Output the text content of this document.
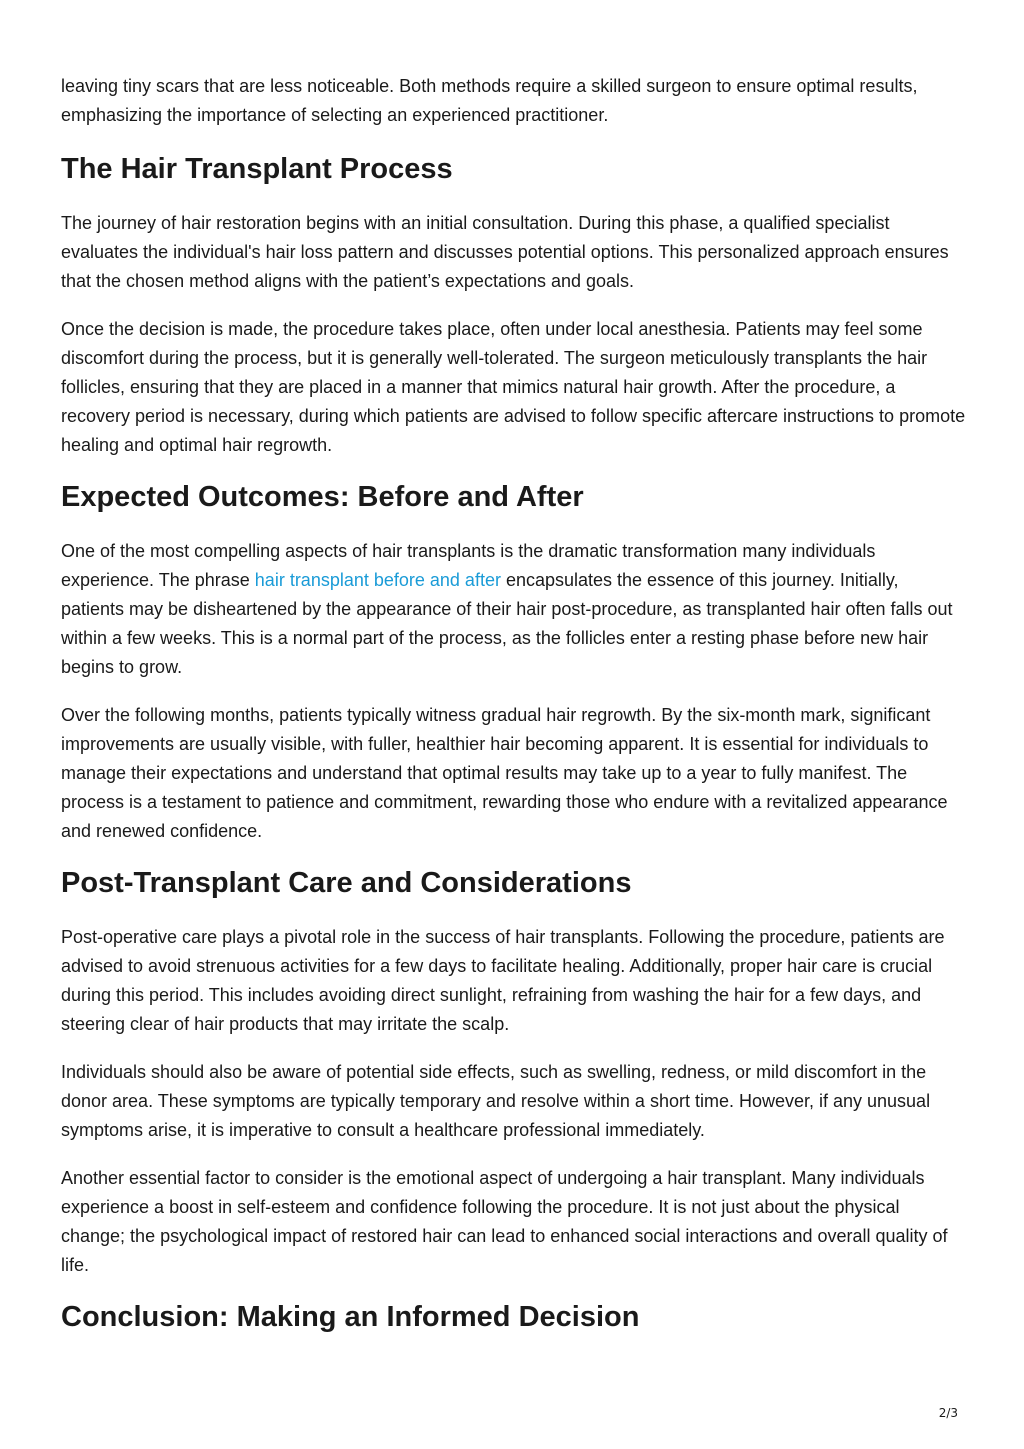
leaving tiny scars that are less noticeable. Both methods require a skilled surgeon to ensure optimal results, emphasizing the importance of selecting an experienced practitioner.

The Hair Transplant Process

The journey of hair restoration begins with an initial consultation. During this phase, a qualified specialist evaluates the individual's hair loss pattern and discusses potential options. This personalized approach ensures that the chosen method aligns with the patient’s expectations and goals.

Once the decision is made, the procedure takes place, often under local anesthesia. Patients may feel some discomfort during the process, but it is generally well-tolerated. The surgeon meticulously transplants the hair follicles, ensuring that they are placed in a manner that mimics natural hair growth. After the procedure, a recovery period is necessary, during which patients are advised to follow specific aftercare instructions to promote healing and optimal hair regrowth.

Expected Outcomes: Before and After

One of the most compelling aspects of hair transplants is the dramatic transformation many individuals experience. The phrase hair transplant before and after encapsulates the essence of this journey. Initially, patients may be disheartened by the appearance of their hair post-procedure, as transplanted hair often falls out within a few weeks. This is a normal part of the process, as the follicles enter a resting phase before new hair begins to grow.

Over the following months, patients typically witness gradual hair regrowth. By the six-month mark, significant improvements are usually visible, with fuller, healthier hair becoming apparent. It is essential for individuals to manage their expectations and understand that optimal results may take up to a year to fully manifest. The process is a testament to patience and commitment, rewarding those who endure with a revitalized appearance and renewed confidence.

Post-Transplant Care and Considerations

Post-operative care plays a pivotal role in the success of hair transplants. Following the procedure, patients are advised to avoid strenuous activities for a few days to facilitate healing. Additionally, proper hair care is crucial during this period. This includes avoiding direct sunlight, refraining from washing the hair for a few days, and steering clear of hair products that may irritate the scalp.

Individuals should also be aware of potential side effects, such as swelling, redness, or mild discomfort in the donor area. These symptoms are typically temporary and resolve within a short time. However, if any unusual symptoms arise, it is imperative to consult a healthcare professional immediately.

Another essential factor to consider is the emotional aspect of undergoing a hair transplant. Many individuals experience a boost in self-esteem and confidence following the procedure. It is not just about the physical change; the psychological impact of restored hair can lead to enhanced social interactions and overall quality of life.

Conclusion: Making an Informed Decision
2/3
